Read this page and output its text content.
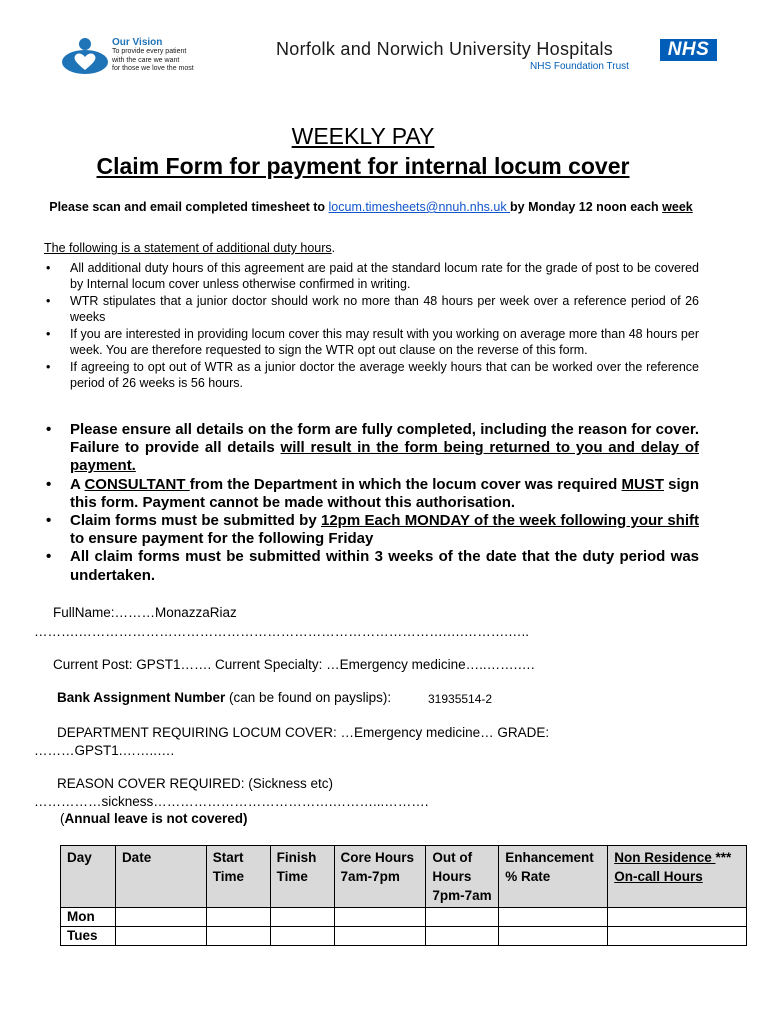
Our Vision
To provide every patient
with the care we want
for those we love the most
Norfolk and Norwich University Hospitals
NHS Foundation Trust
NHS
WEEKLY PAY
Claim Form for payment for internal locum cover
Please scan and email completed timesheet to locum.timesheets@nnuh.nhs.uk by Monday 12 noon each week
The following is a statement of additional duty hours.
• All additional duty hours of this agreement are paid at the standard locum rate for the grade of post to be covered by Internal locum cover unless otherwise confirmed in writing.
• WTR stipulates that a junior doctor should work no more than 48 hours per week over a reference period of 26 weeks
• If you are interested in providing locum cover this may result with you working on average more than 48 hours per week. You are therefore requested to sign the WTR opt out clause on the reverse of this form.
• If agreeing to opt out of WTR as a junior doctor the average weekly hours that can be worked over the reference period of 26 weeks is 56 hours.
• Please ensure all details on the form are fully completed, including the reason for cover. Failure to provide all details will result in the form being returned to you and delay of payment.
• A CONSULTANT from the Department in which the locum cover was required MUST sign this form. Payment cannot be made without this authorisation.
• Claim forms must be submitted by 12pm Each MONDAY of the week following your shift to ensure payment for the following Friday
• All claim forms must be submitted within 3 weeks of the date that the duty period was undertaken.
FullName:………MonazzaRiaz
……….……………………………………………………………………….….……….…..
Current Post: GPST1……. Current Specialty: …Emergency medicine…..…….….
Bank Assignment Number (can be found on payslips):	31935514-2
DEPARTMENT REQUIRING LOCUM COVER: …Emergency medicine… GRADE:
………GPST1.……..….
REASON COVER REQUIRED: (Sickness etc)
……………sickness………………………………….………...……….
(Annual leave is not covered)
Day	Date	Start Time	Finish Time	Core Hours 7am-7pm	Out of Hours 7pm-7am	Enhancement % Rate	Non Residence ***
On-call Hours
Mon							
Tues							
